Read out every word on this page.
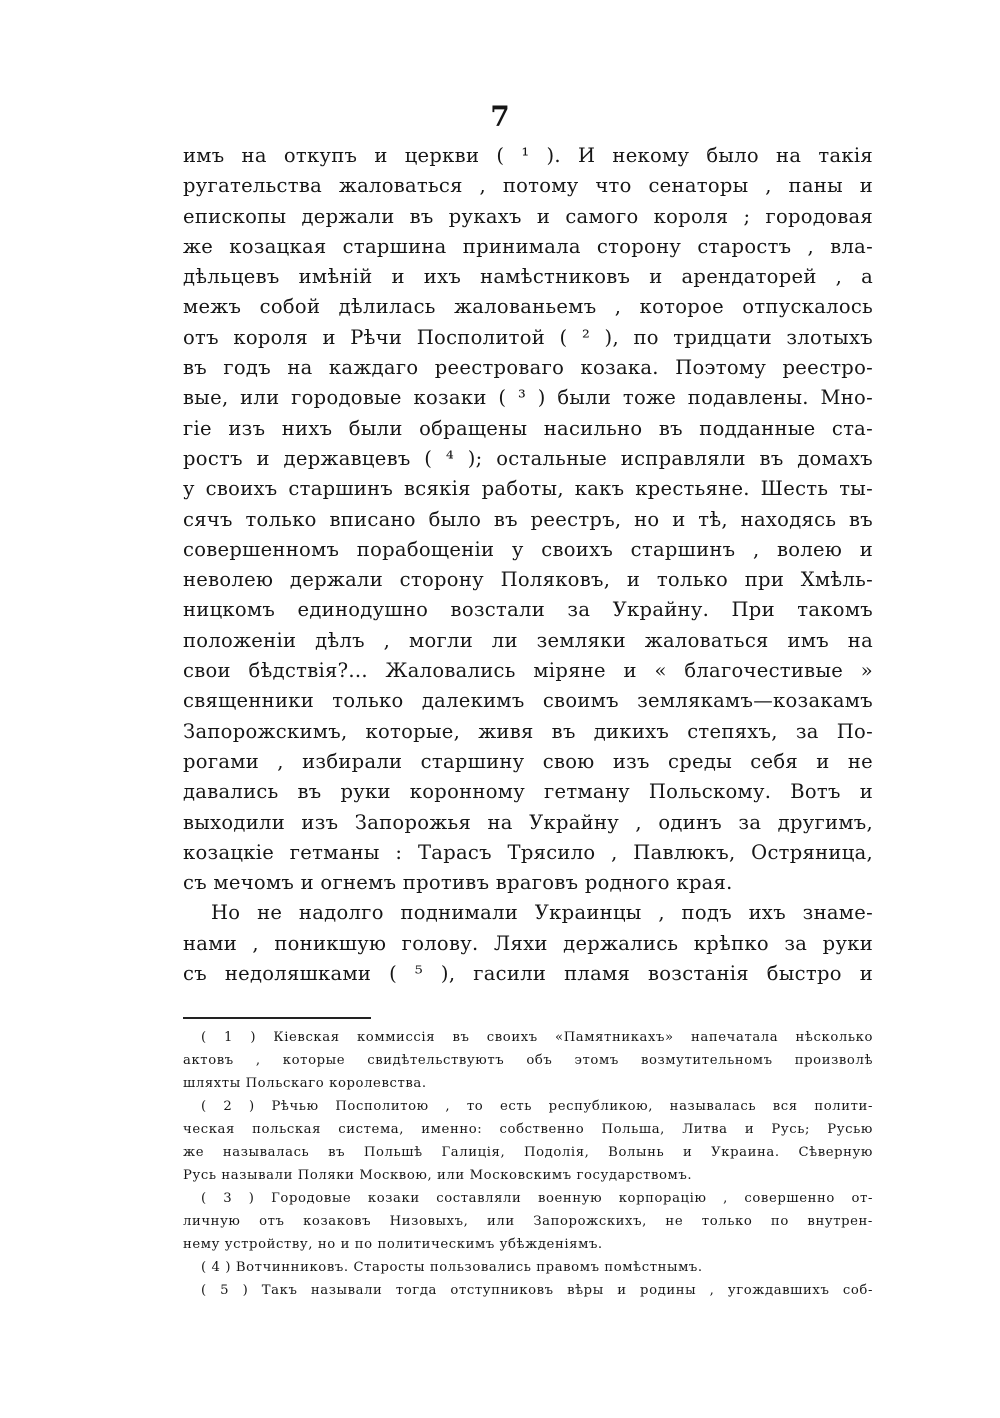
7
имъ на откупъ и церкви ( ¹ ). И некому было на такія
ругательства жаловаться , потому что сенаторы , паны и
епископы держали въ рукахъ и самого короля ; городовая
же козацкая старшина принимала сторону старостъ , вла-
дѣльцевъ имѣній и ихъ намѣстниковъ и арендаторей , а
межъ собой дѣлилась жалованьемъ , которое отпускалось
отъ короля и Рѣчи Посполитой ( ² ), по тридцати злотыхъ
въ годъ на каждаго реестроваго козака. Поэтому реестро-
вые, или городовые козаки ( ³ ) были тоже подавлены. Мно-
гіе изъ нихъ были обращены насильно въ подданные ста-
ростъ и державцевъ ( ⁴ ); остальные исправляли въ домахъ
у своихъ старшинъ всякія работы, какъ крестьяне. Шесть ты-
сячъ только вписано было въ реестръ, но и тѣ, находясь въ
совершенномъ порабощеніи у своихъ старшинъ , волею и
неволею держали сторону Поляковъ, и только при Хмѣль-
ницкомъ единодушно возстали за Украйну. При такомъ
положеніи дѣлъ , могли ли земляки жаловаться имъ на
свои бѣдствія?... Жаловались міряне и « благочестивые »
священники только далекимъ своимъ землякамъ—козакамъ
Запорожскимъ, которые, живя въ дикихъ степяхъ, за По-
рогами , избирали старшину свою изъ среды себя и не
давались въ руки коронному гетману Польскому. Вотъ и
выходили изъ Запорожья на Украйну , одинъ за другимъ,
козацкіе гетманы : Тарасъ Трясило , Павлюкъ, Остряница,
съ мечомъ и огнемъ противъ враговъ родного края.
Но не надолго поднимали Украинцы , подъ ихъ знаме-
нами , поникшую голову. Ляхи держались крѣпко за руки
съ недоляшками ( ⁵ ), гасили пламя возстанія быстро и
( 1 ) Кіевская коммиссія въ своихъ «Памятникахъ» напечатала нѣсколько
актовъ , которые свидѣтельствуютъ объ этомъ возмутительномъ произволѣ
шляхты Польскаго королевства.
( 2 ) Рѣчью Посполитою , то есть республикою, называлась вся полити-
ческая польская система, именно: собственно Польша, Литва и Русь; Русью
же называлась въ Польшѣ Галиція, Подолія, Волынь и Украина. Сѣверную
Русь называли Поляки Москвою, или Московскимъ государствомъ.
( 3 ) Городовые козаки составляли военную корпорацію , совершенно от-
личную отъ козаковъ Низовыхъ, или Запорожскихъ, не только по внутрен-
нему устройству, но и по политическимъ убѣжденіямъ.
( 4 ) Вотчинниковъ. Старосты пользовались правомъ помѣстнымъ.
( 5 ) Такъ называли тогда отступниковъ вѣры и родины , угождавшихъ соб-
